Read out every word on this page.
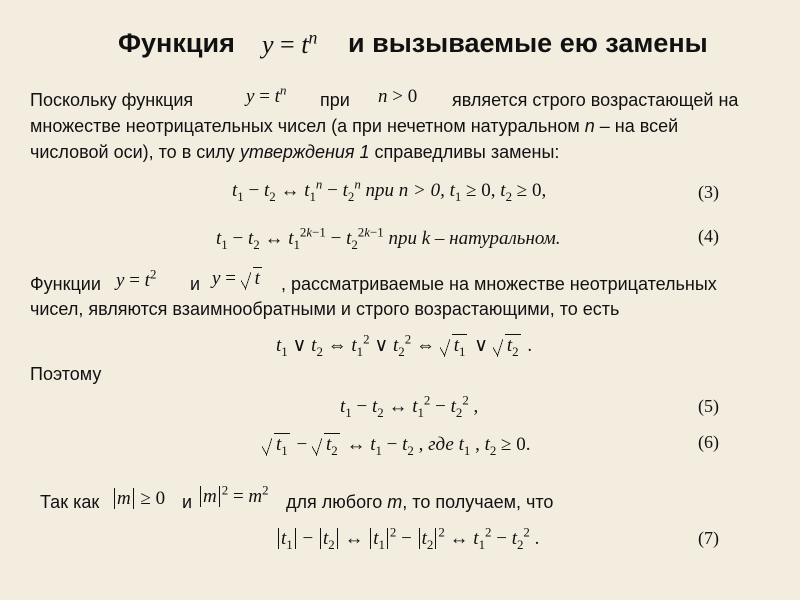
Функция $y = t^n$ и вызываемые ею замены
Поскольку функция	$y = t^n$ при n > 0 является строго возрастающей на
множестве неотрицательных чисел (а при нечетном натуральном n – на всей
числовой оси), то в силу утверждения 1 справедливы замены:
$t_1 - t_2$ ↔ $t_1^n - t_2^n$ при n > 0, $t_1 \ge 0$, $t_2 \ge 0$,	(3)
$t_1 - t_2$ ↔ $t_1^{2k-1} - t_2^{2k-1}$ при k – натуральном.	(4)
Функции $y = t^2$ и y = t , рассматриваемые на множестве неотрицательных
чисел, являются взаимнообратными и строго возрастающими, то есть
$t_1$ ∨ $t_2$ ⇔ $t_1^2$ ∨ $t_2^2$ ⇔ $t_1$ ∨ $t_2$ .
Поэтому
$t_1 - t_2$ ↔ $t_1^2 - t_2^2$ ,	(5)
$t_1 - t_2$ ↔ $t_1 - t_2$ , где $t_1$ , $t_2 \ge 0$.	(6)
Так как m ≥ 0 и m $^2 = m^2$
для любого m, то получаем, что
$t_1 - t_2$ ↔ $t_1^2 - t_2^2$ ↔ $t_1^2 - t_2^2$ .	(7)
